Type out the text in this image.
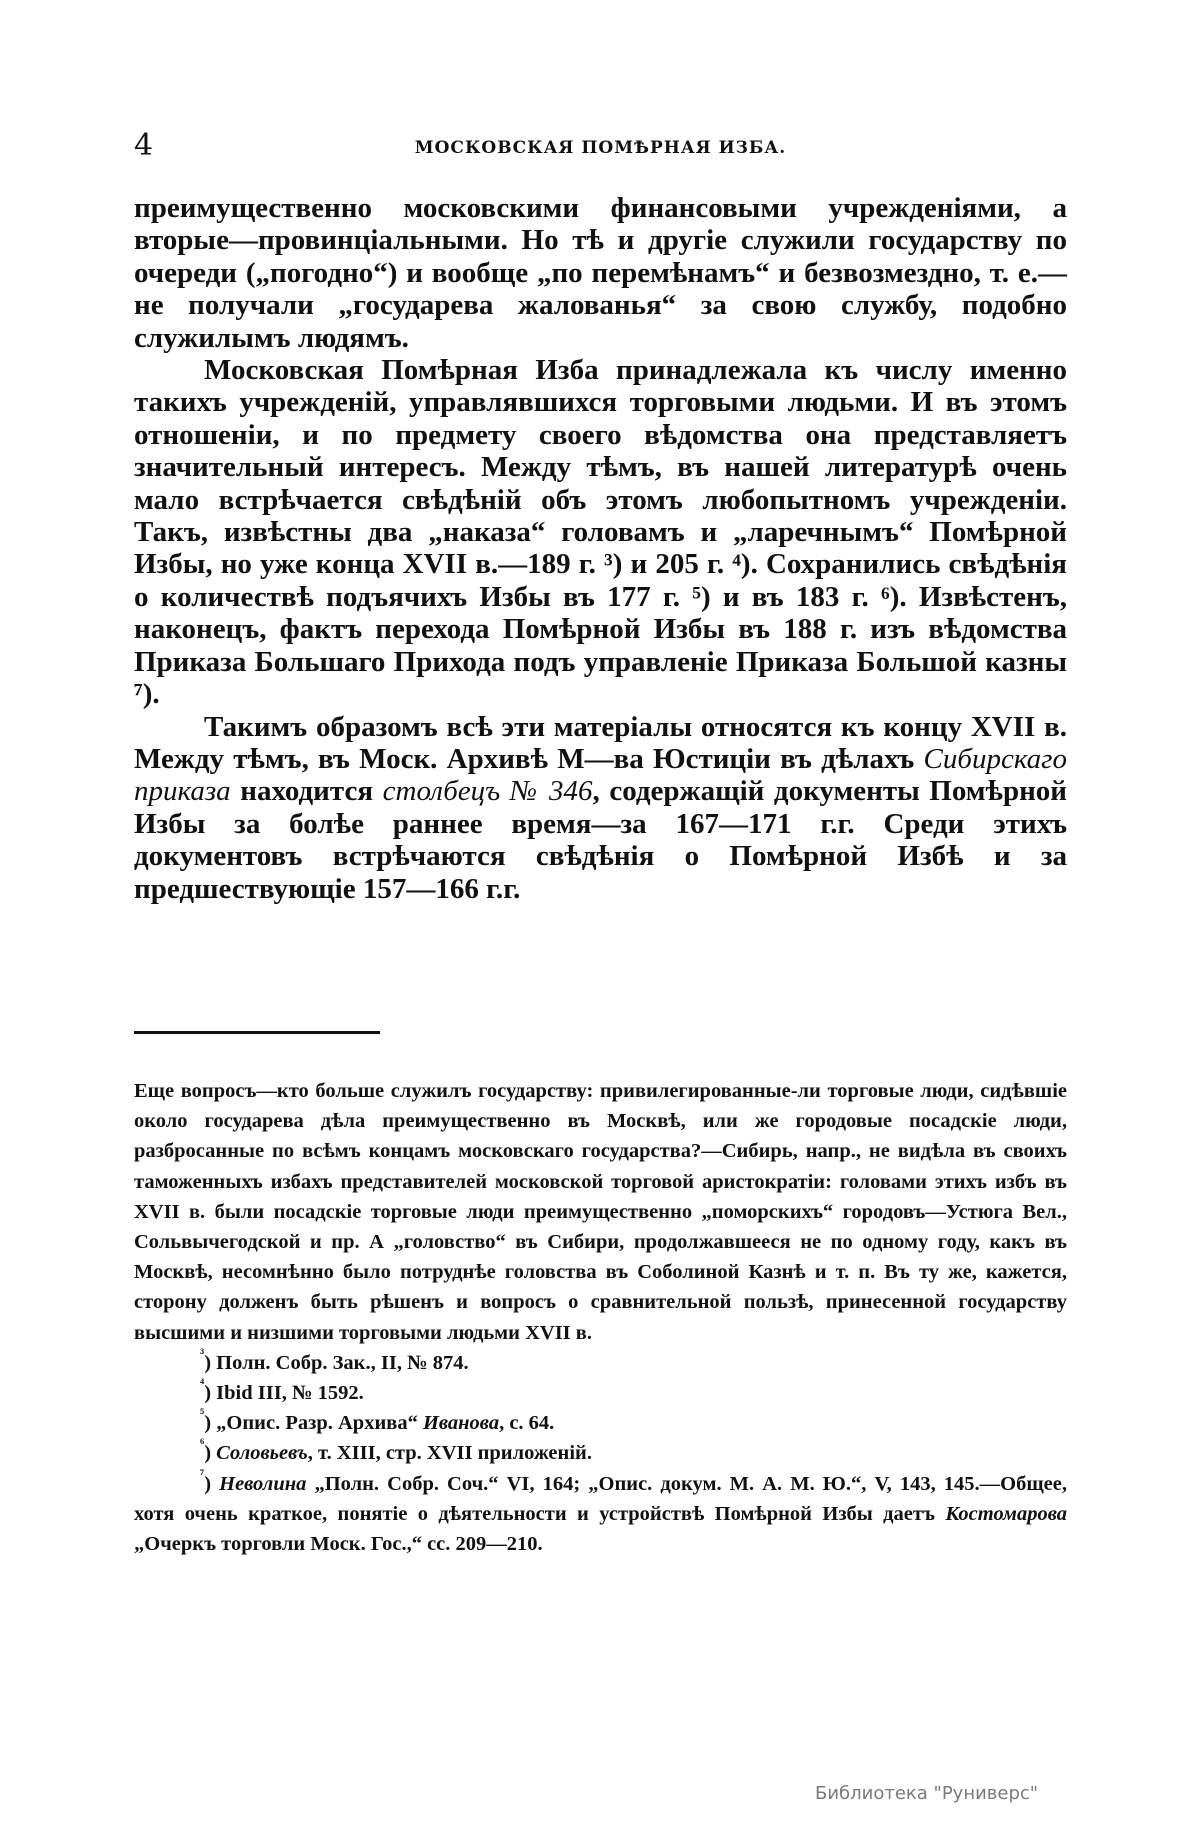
4	МОСКОВСКАЯ ПОМѢРНАЯ ИЗБА.

преимущественно московскими финансовыми учрежденіями, а вторые—провинціальными. Но тѣ и другіе служили государству по очереди („погодно“) и вообще „по перемѣнамъ“ и безвозмездно, т. е.—не получали „государева жалованья“ за свою службу, подобно служилымъ людямъ.

Московская Помѣрная Изба принадлежала къ числу именно такихъ учрежденій, управлявшихся торговыми людьми. И въ этомъ отношеніи, и по предмету своего вѣдомства она представляетъ значительный интересъ. Между тѣмъ, въ нашей литературѣ очень мало встрѣчается свѣдѣній объ этомъ любопытномъ учрежденіи. Такъ, извѣстны два „наказа“ головамъ и „ларечнымъ“ Помѣрной Избы, но уже конца XVII в.—189 г. ³) и 205 г. ⁴). Сохранились свѣдѣнія о количествѣ подъячихъ Избы въ 177 г. ⁵) и въ 183 г. ⁶). Извѣстенъ, наконецъ, фактъ перехода Помѣрной Избы въ 188 г. изъ вѣдомства Приказа Большаго Прихода подъ управленіе Приказа Большой казны ⁷).

Такимъ образомъ всѣ эти матеріалы относятся къ концу XVII в. Между тѣмъ, въ Моск. Архивѣ М—ва Юстиціи въ дѣлахъ Сибирскаго приказа находится столбецъ № 346, содержащій документы Помѣрной Избы за болѣе раннее время—за 167—171 г.г. Среди этихъ документовъ встрѣчаются свѣдѣнія о Помѣрной Избѣ и за предшествующіе 157—166 г.г.

Еще вопросъ—кто больше служилъ государству: привилегированные-ли торговые люди, сидѣвшіе около государева дѣла преимущественно въ Москвѣ, или же городовые посадскіе люди, разбросанные по всѣмъ концамъ московскаго государства?—Сибирь, напр., не видѣла въ своихъ таможенныхъ избахъ представителей московской торговой аристократіи: головами этихъ избъ въ XVII в. были посадскіе торговые люди преимущественно „поморскихъ“ городовъ—Устюга Вел., Сольвычегодской и пр. А „головство“ въ Сибири, продолжавшееся не по одному году, какъ въ Москвѣ, несомнѣнно было потруднѣе головства въ Соболиной Казнѣ и т. п. Въ ту же, кажется, сторону долженъ быть рѣшенъ и вопросъ о сравнительной пользѣ, принесенной государству высшими и низшими торговыми людьми XVII в.

$^{^3}$) Полн. Собр. Зак., II, № 874.

$^{^4}$) Ibid III, № 1592.

$^{^5}$) „Опис. Разр. Архива“ Иванова, с. 64.

$^{^6}$) Соловьевъ, т. XIII, стр. XVII приложеній.

$^{^7}$) Неволина „Полн. Собр. Соч.“ VI, 164; „Опис. докум. М. А. М. Ю.“, V, 143, 145.—Общее, хотя очень краткое, понятіе о дѣятельности и устройствѣ Помѣрной Избы даетъ Костомарова „Очеркъ торговли Моск. Гос.,“ сс. 209—210.

Библиотека "Руниверс"
